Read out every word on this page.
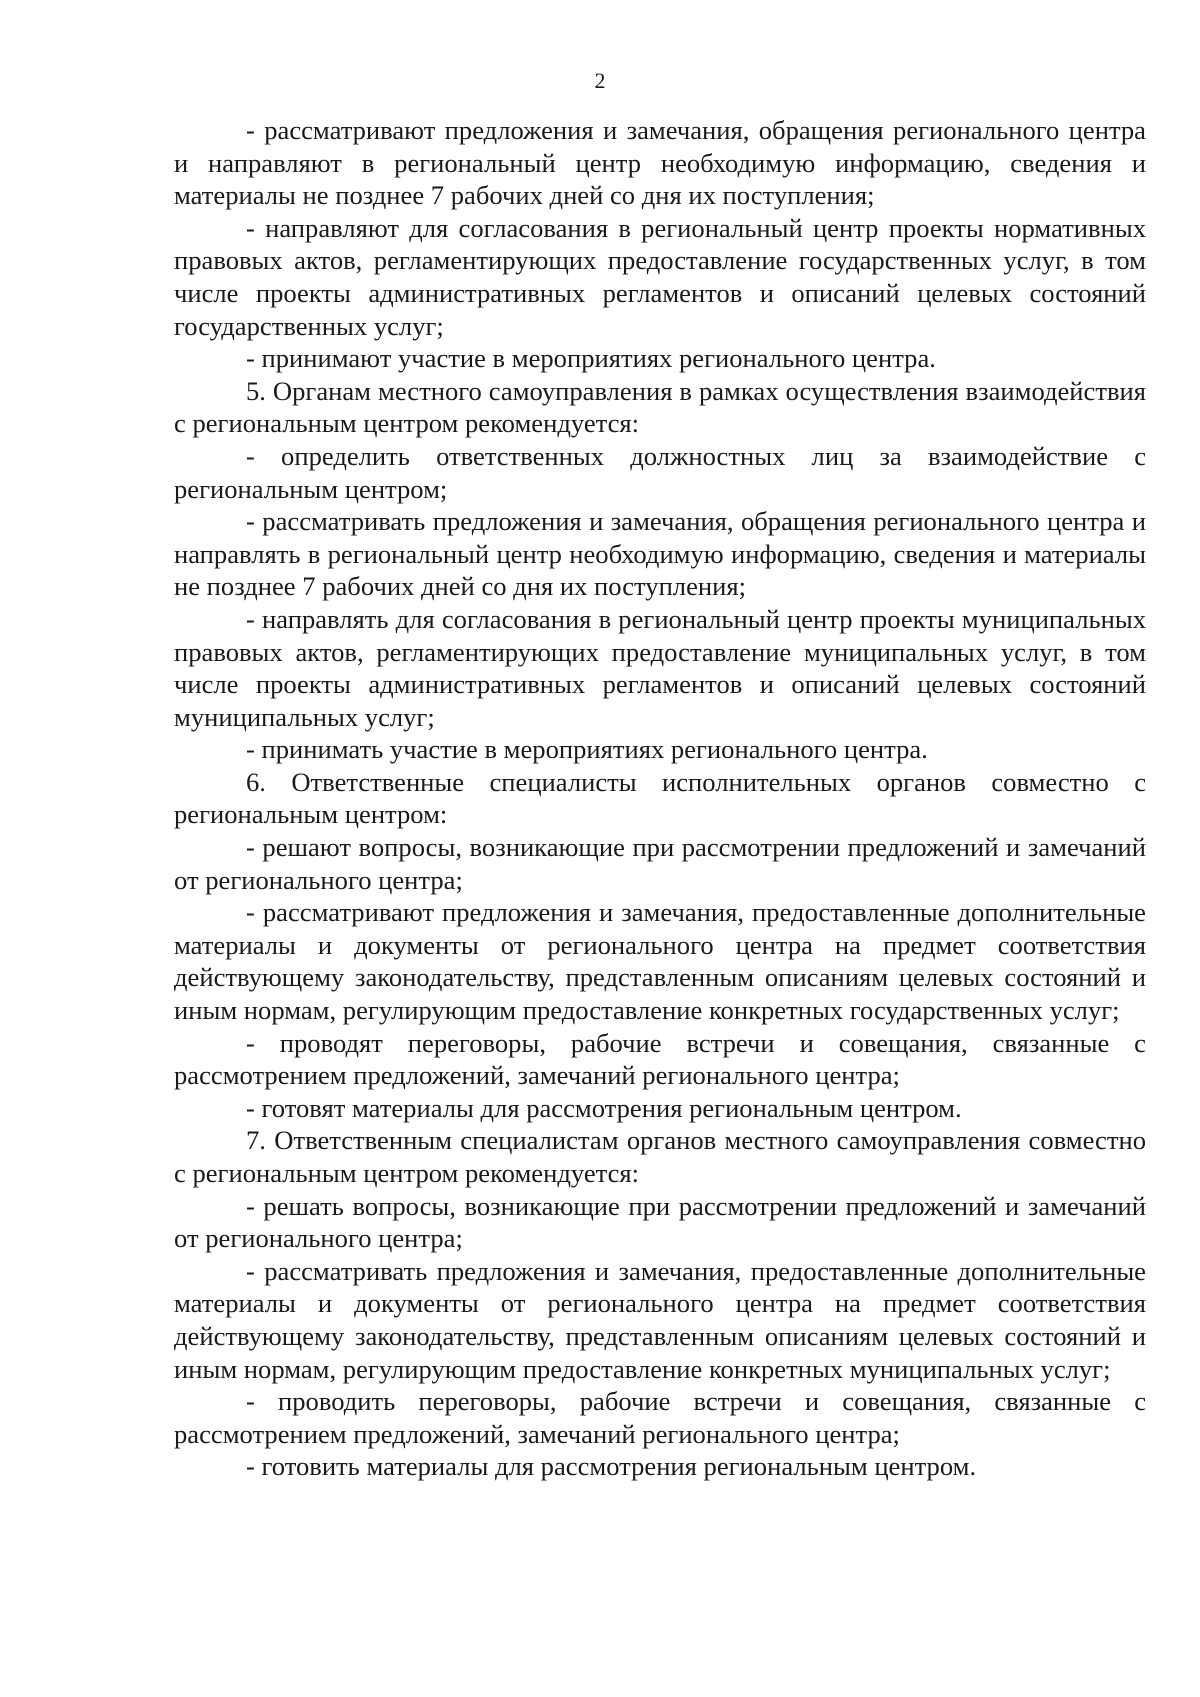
2

- рассматривают предложения и замечания, обращения регионального центра и направляют в региональный центр необходимую информацию, сведения и материалы не позднее 7 рабочих дней со дня их поступления;

- направляют для согласования в региональный центр проекты нормативных правовых актов, регламентирующих предоставление государственных услуг, в том числе проекты административных регламентов и описаний целевых состояний государственных услуг;

- принимают участие в мероприятиях регионального центра.

5. Органам местного самоуправления в рамках осуществления взаимодействия с региональным центром рекомендуется:

- определить ответственных должностных лиц за взаимодействие с региональным центром;

- рассматривать предложения и замечания, обращения регионального центра и направлять в региональный центр необходимую информацию, сведения и материалы не позднее 7 рабочих дней со дня их поступления;

- направлять для согласования в региональный центр проекты муниципальных правовых актов, регламентирующих предоставление муниципальных услуг, в том числе проекты административных регламентов и описаний целевых состояний муниципальных услуг;

- принимать участие в мероприятиях регионального центра.

6. Ответственные специалисты исполнительных органов совместно с региональным центром:

- решают вопросы, возникающие при рассмотрении предложений и замечаний от регионального центра;

- рассматривают предложения и замечания, предоставленные дополнительные материалы и документы от регионального центра на предмет соответствия действующему законодательству, представленным описаниям целевых состояний и иным нормам, регулирующим предоставление конкретных государственных услуг;

- проводят переговоры, рабочие встречи и совещания, связанные с рассмотрением предложений, замечаний регионального центра;

- готовят материалы для рассмотрения региональным центром.

7. Ответственным специалистам органов местного самоуправления совместно с региональным центром рекомендуется:

- решать вопросы, возникающие при рассмотрении предложений и замечаний от регионального центра;

- рассматривать предложения и замечания, предоставленные дополнительные материалы и документы от регионального центра на предмет соответствия действующему законодательству, представленным описаниям целевых состояний и иным нормам, регулирующим предоставление конкретных муниципальных услуг;

- проводить переговоры, рабочие встречи и совещания, связанные с рассмотрением предложений, замечаний регионального центра;

- готовить материалы для рассмотрения региональным центром.
